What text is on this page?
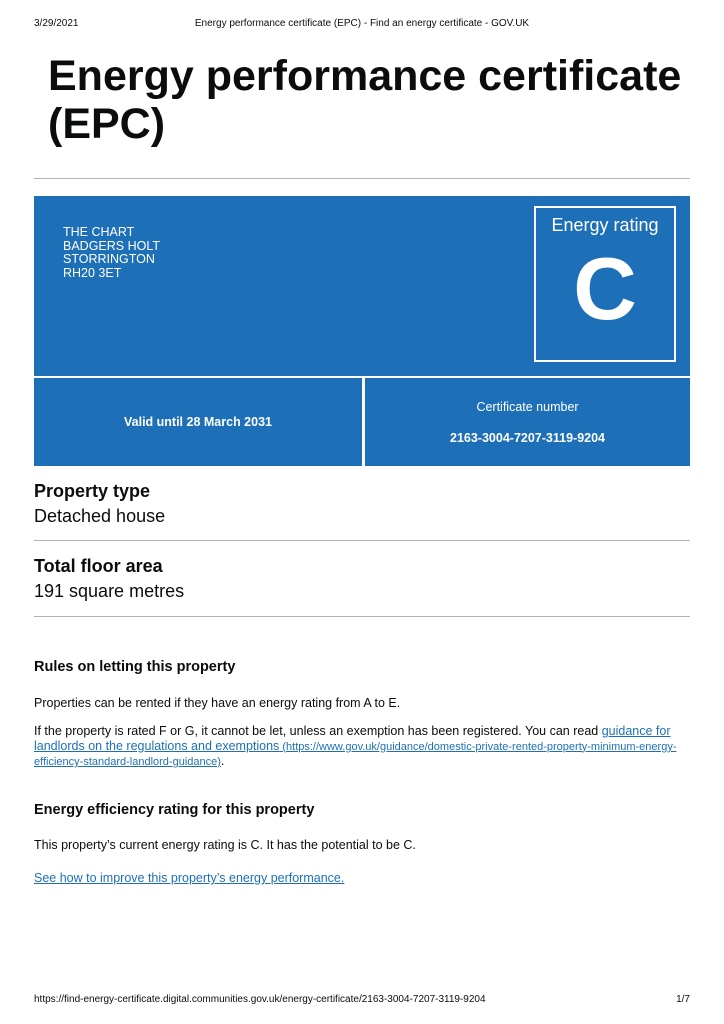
3/29/2021	Energy performance certificate (EPC) - Find an energy certificate - GOV.UK
Energy performance certificate (EPC)
THE CHART
BADGERS HOLT
STORRINGTON
RH20 3ET
Energy rating
C
Valid until 28 March 2031
Certificate number
2163-3004-7207-3119-9204
Property type
Detached house
Total floor area
191 square metres
Rules on letting this property

Properties can be rented if they have an energy rating from A to E.

If the property is rated F or G, it cannot be let, unless an exemption has been registered. You can read guidance for landlords on the regulations and exemptions (https://www.gov.uk/guidance/domestic-private-rented-property-minimum-energy-efficiency-standard-landlord-guidance).

Energy efficiency rating for this property

This property’s current energy rating is C. It has the potential to be C.

See how to improve this property’s energy performance.

https://find-energy-certificate.digital.communities.gov.uk/energy-certificate/2163-3004-7207-3119-9204	1/7
